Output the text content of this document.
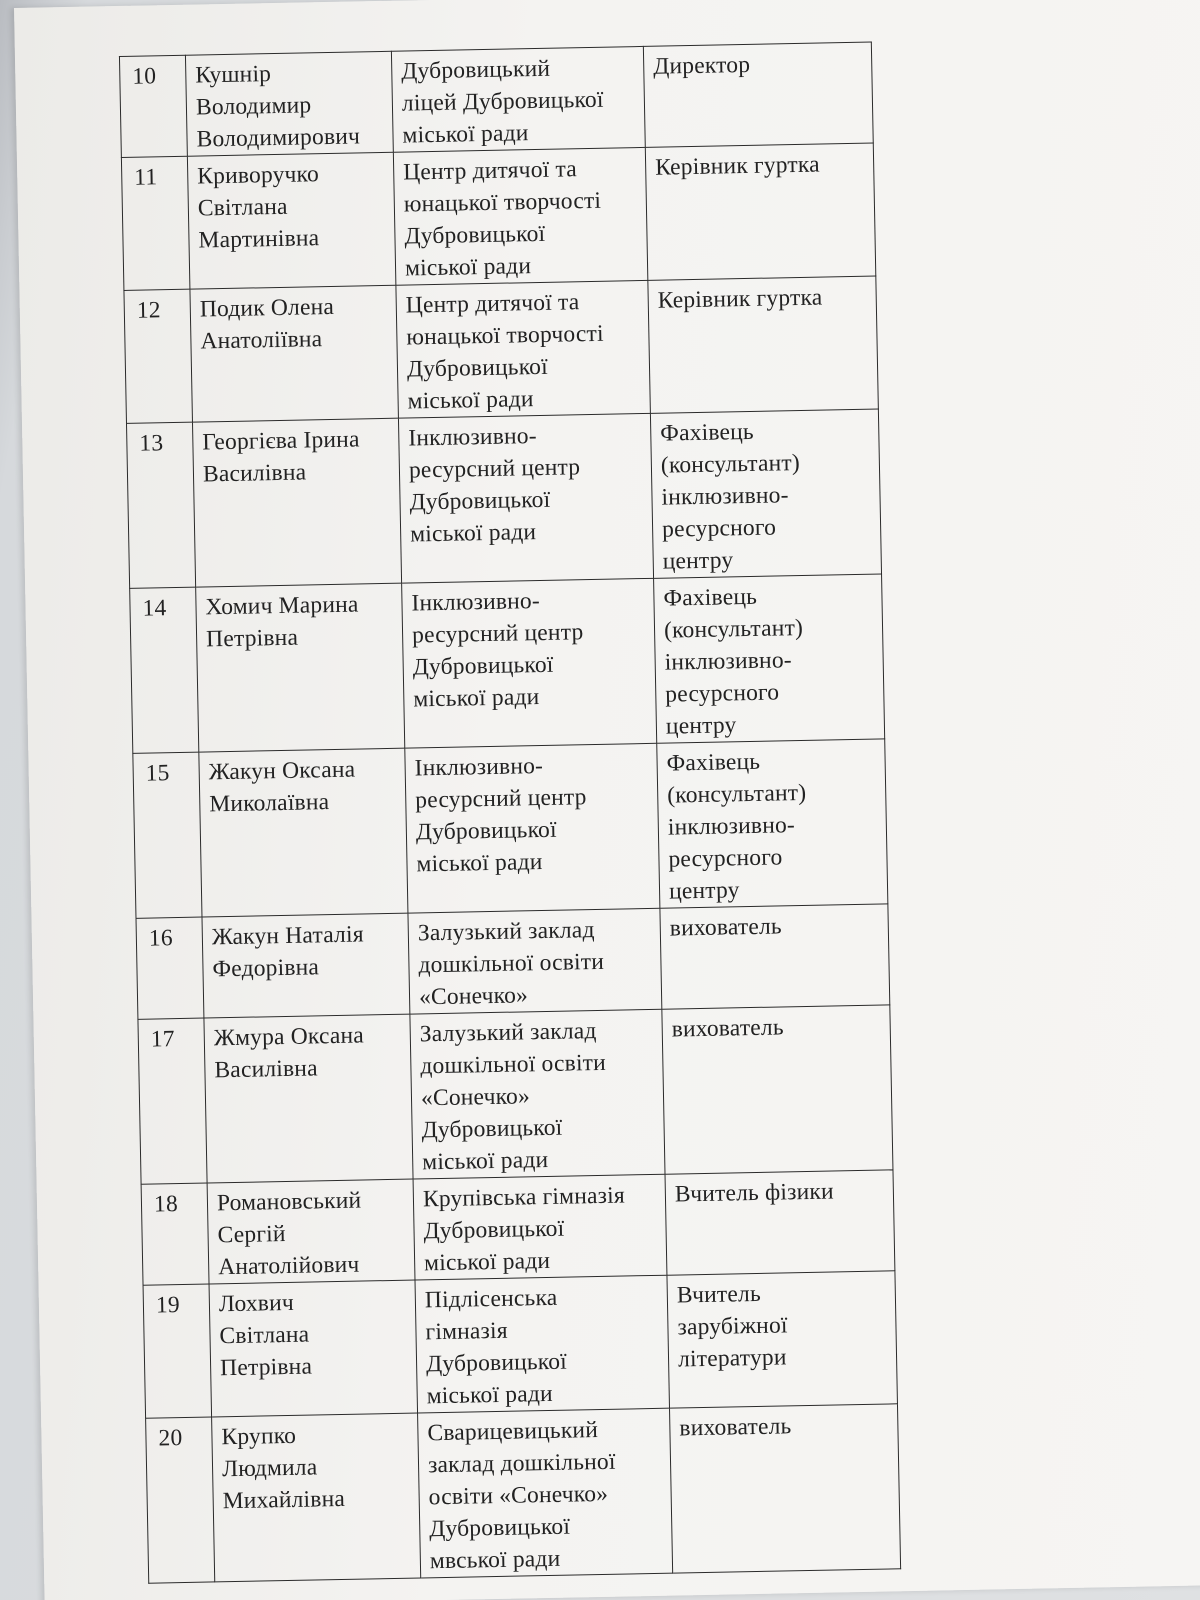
10	Кушнір
Володимир
Володимирович	Дубровицький
ліцей Дубровицької
міської ради	Директор
11	Криворучко
Світлана
Мартинівна	Центр дитячої та
юнацької творчості
Дубровицької
міської ради	Керівник гуртка
12	Подик Олена
Анатоліївна	Центр дитячої та
юнацької творчості
Дубровицької
міської ради	Керівник гуртка
13	Георгієва Ірина
Василівна	Інклюзивно-
ресурсний центр
Дубровицької
міської ради	Фахівець
(консультант)
інклюзивно-
ресурсного
центру
14	Хомич Марина
Петрівна	Інклюзивно-
ресурсний центр
Дубровицької
міської ради	Фахівець
(консультант)
інклюзивно-
ресурсного
центру
15	Жакун Оксана
Миколаївна	Інклюзивно-
ресурсний центр
Дубровицької
міської ради	Фахівець
(консультант)
інклюзивно-
ресурсного
центру
16	Жакун Наталія
Федорівна	Залузький заклад
дошкільної освіти
«Сонечко»	вихователь
17	Жмура Оксана
Василівна	Залузький заклад
дошкільної освіти
«Сонечко»
Дубровицької
міської ради	вихователь
18	Романовський
Сергій
Анатолійович	Крупівська гімназія
Дубровицької
міської ради	Вчитель фізики
19	Лохвич
Світлана
Петрівна	Підлісенська
гімназія
Дубровицької
міської ради	Вчитель
зарубіжної
літератури
20	Крупко
Людмила
Михайлівна	Сварицевицький
заклад дошкільної
освіти «Сонечко»
Дубровицької
мвської ради	вихователь
